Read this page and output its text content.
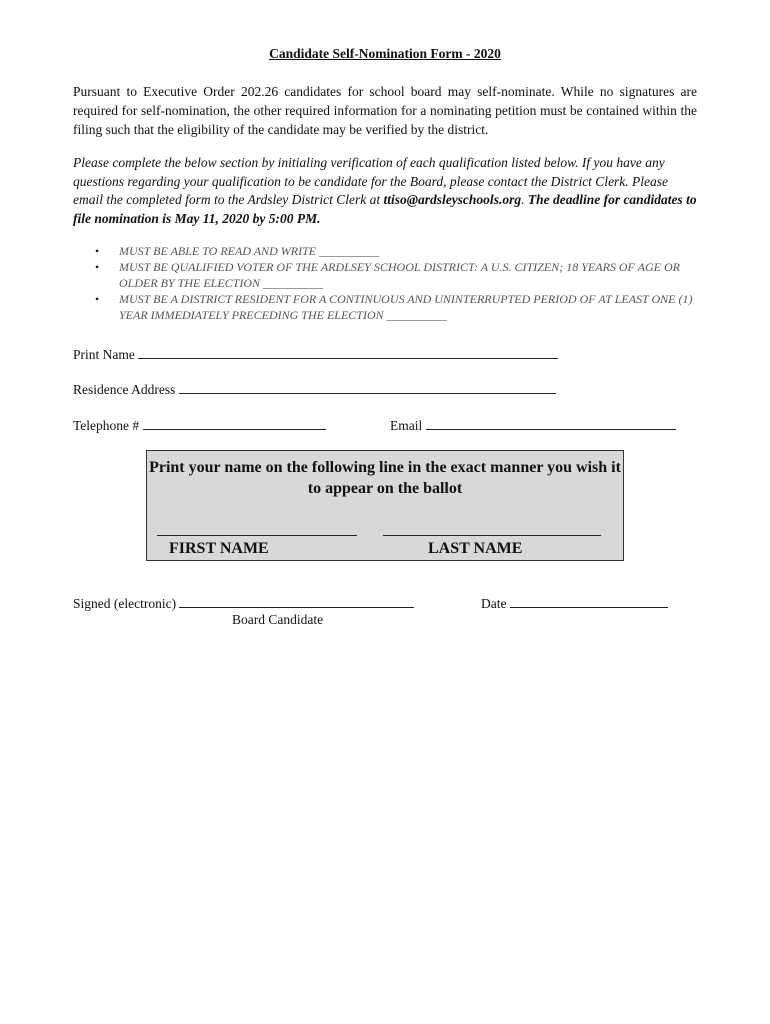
Candidate Self-Nomination Form - 2020
Pursuant to Executive Order 202.26 candidates for school board may self-nominate. While no signatures are required for self-nomination, the other required information for a nominating petition must be contained within the filing such that the eligibility of the candidate may be verified by the district.
Please complete the below section by initialing verification of each qualification listed below. If you have any questions regarding your qualification to be candidate for the Board, please contact the District Clerk. Please email the completed form to the Ardsley District Clerk at ttiso@ardsleyschools.org. The deadline for candidates to file nomination is May 11, 2020 by 5:00 PM.
• MUST BE ABLE TO READ AND WRITE __________
• MUST BE QUALIFIED VOTER OF THE ARDLSEY SCHOOL DISTRICT: A U.S. CITIZEN; 18 YEARS OF AGE OR OLDER BY THE ELECTION __________
• MUST BE A DISTRICT RESIDENT FOR A CONTINUOUS AND UNINTERRUPTED PERIOD OF AT LEAST ONE (1) YEAR IMMEDIATELY PRECEDING THE ELECTION __________
Print Name
Residence Address
Telephone #	Email
Print your name on the following line in the exact manner you wish it to appear on the ballot
FIRST NAME	LAST NAME
Signed (electronic)	Date
Board Candidate
